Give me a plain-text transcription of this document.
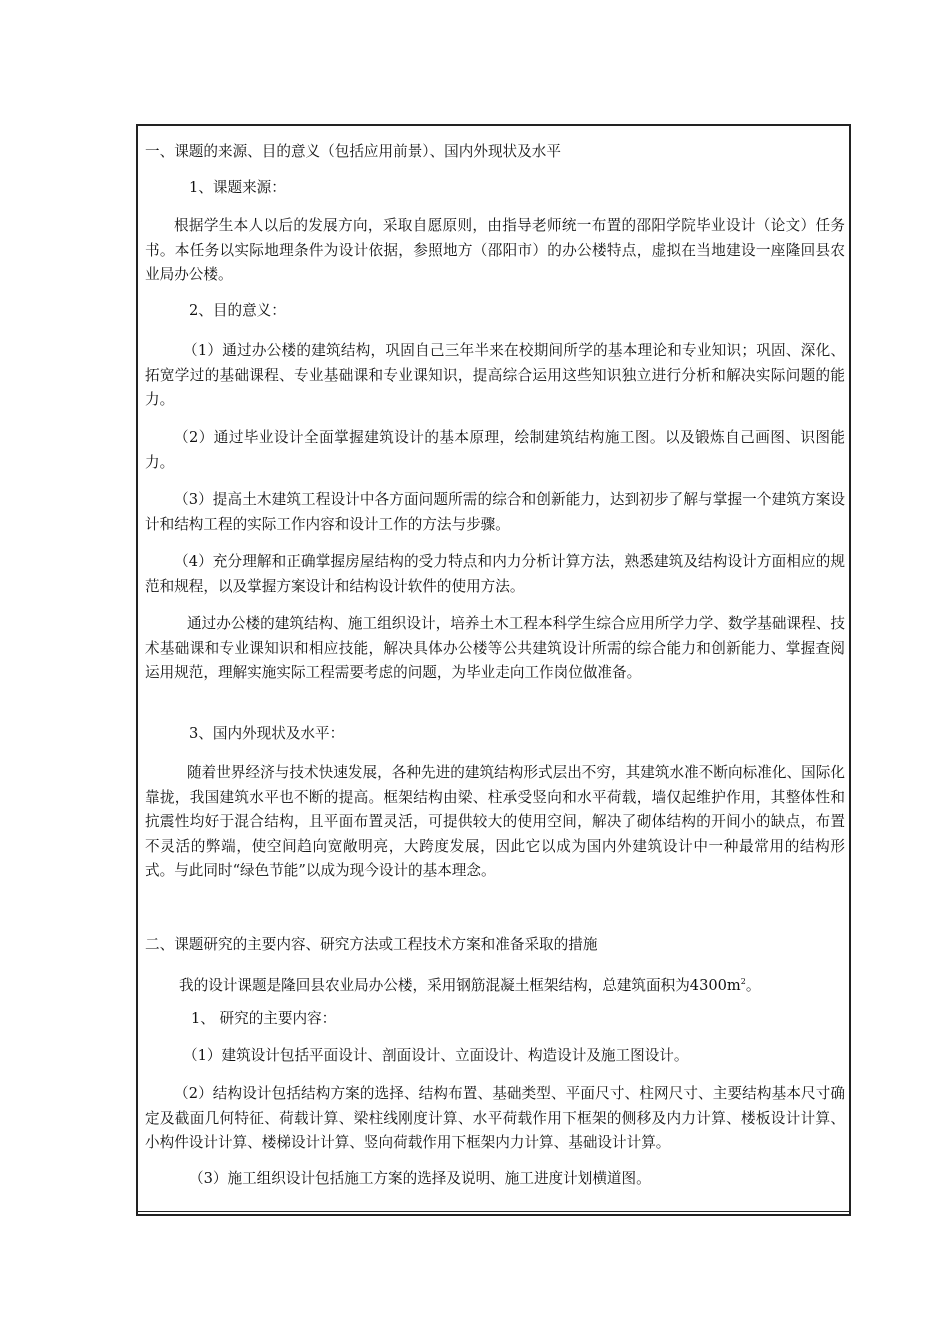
一、课题的来源、目的意义（包括应用前景）、国内外现状及水平
1、课题来源：
根据学生本人以后的发展方向，采取自愿原则，由指导老师统一布置的邵阳学院毕业设计（论文）任务书。本任务以实际地理条件为设计依据，参照地方（邵阳市）的办公楼特点，虚拟在当地建设一座隆回县农业局办公楼。
2、目的意义：
（1）通过办公楼的建筑结构，巩固自己三年半来在校期间所学的基本理论和专业知识；巩固、深化、拓宽学过的基础课程、专业基础课和专业课知识，提高综合运用这些知识独立进行分析和解决实际问题的能力。
（2）通过毕业设计全面掌握建筑设计的基本原理，绘制建筑结构施工图。以及锻炼自己画图、识图能力。
（3）提高土木建筑工程设计中各方面问题所需的综合和创新能力，达到初步了解与掌握一个建筑方案设计和结构工程的实际工作内容和设计工作的方法与步骤。
（4）充分理解和正确掌握房屋结构的受力特点和内力分析计算方法，熟悉建筑及结构设计方面相应的规范和规程，以及掌握方案设计和结构设计软件的使用方法。
通过办公楼的建筑结构、施工组织设计，培养土木工程本科学生综合应用所学力学、数学基础课程、技术基础课和专业课知识和相应技能，解决具体办公楼等公共建筑设计所需的综合能力和创新能力、掌握查阅运用规范，理解实施实际工程需要考虑的问题，为毕业走向工作岗位做准备。
3、国内外现状及水平：
随着世界经济与技术快速发展，各种先进的建筑结构形式层出不穷，其建筑水准不断向标准化、国际化靠拢，我国建筑水平也不断的提高。框架结构由梁、柱承受竖向和水平荷载，墙仅起维护作用，其整体性和抗震性均好于混合结构，且平面布置灵活，可提供较大的使用空间，解决了砌体结构的开间小的缺点，布置不灵活的弊端，使空间趋向宽敞明亮，大跨度发展，因此它以成为国内外建筑设计中一种最常用的结构形式。与此同时“绿色节能”以成为现今设计的基本理念。
二、课题研究的主要内容、研究方法或工程技术方案和准备采取的措施
我的设计课题是隆回县农业局办公楼，采用钢筋混凝土框架结构，总建筑面积为$4300m^2$。
1、 研究的主要内容：
（1）建筑设计包括平面设计、剖面设计、立面设计、构造设计及施工图设计。
（2）结构设计包括结构方案的选择、结构布置、基础类型、平面尺寸、柱网尺寸、主要结构基本尺寸确定及截面几何特征、荷载计算、梁柱线刚度计算、水平荷载作用下框架的侧移及内力计算、楼板设计计算、小构件设计计算、楼梯设计计算、竖向荷载作用下框架内力计算、基础设计计算。
（3）施工组织设计包括施工方案的选择及说明、施工进度计划横道图。
